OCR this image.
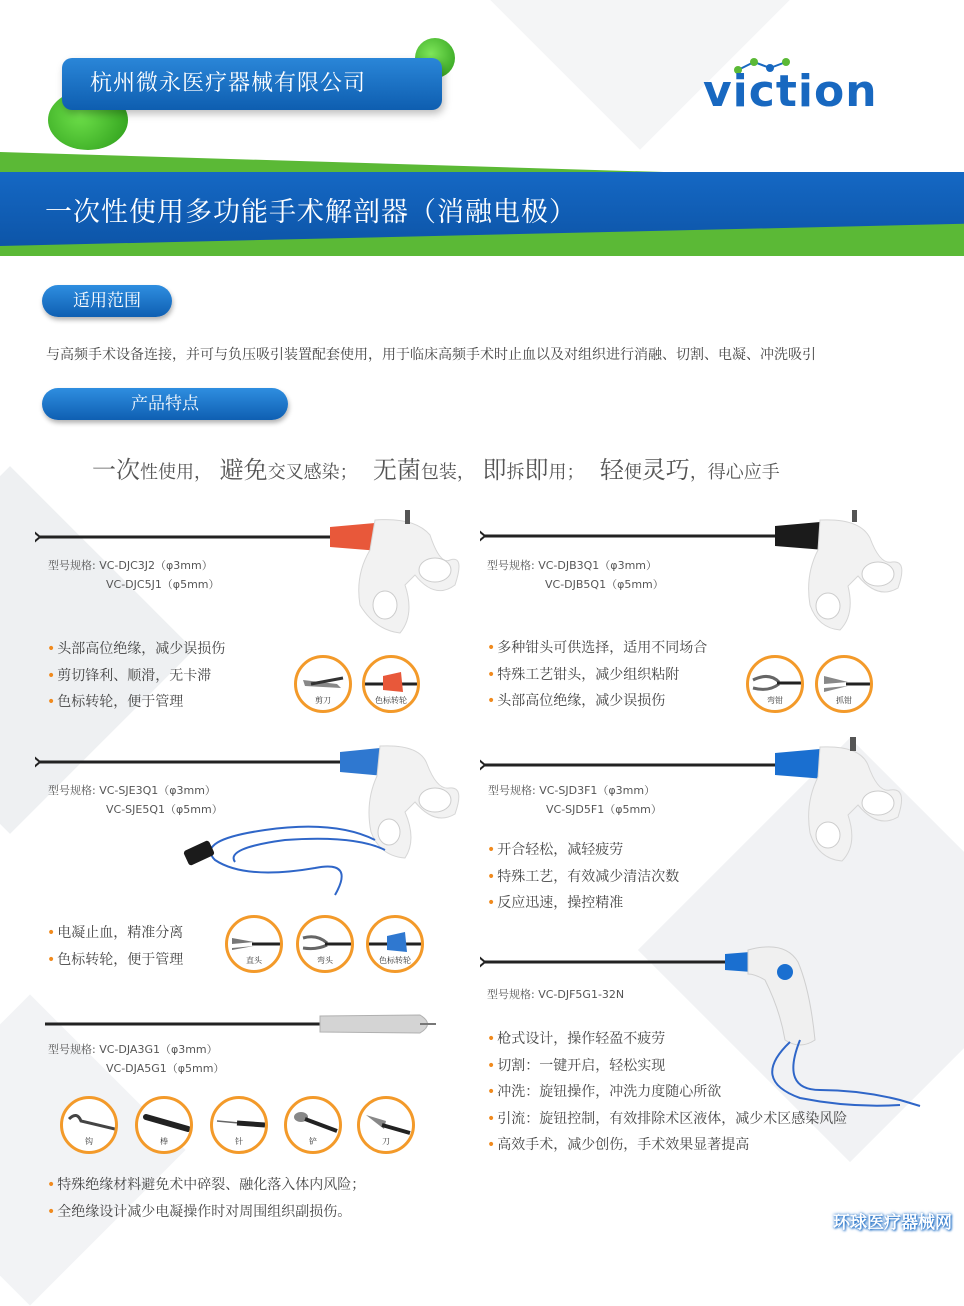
杭州微永医疗器械有限公司	viction
一次性使用多功能手术解剖器（消融电极）
适用范围
与高频手术设备连接，并可与负压吸引装置配套使用，用于临床高频手术时止血以及对组织进行消融、切割、电凝、冲洗吸引
产品特点
一次性使用， 避免交叉感染； 无菌包装， 即拆即用； 轻便灵巧，得心应手
型号规格: VC-DJC3J2（φ3mm）
VC-DJC5J1（φ5mm）
• 头部高位绝缘，减少误损伤
• 剪切锋利、顺滑，无卡滞
• 色标转轮，便于管理	剪刀	色标转轮
型号规格: VC-DJB3Q1（φ3mm）
VC-DJB5Q1（φ5mm）
• 多种钳头可供选择，适用不同场合
• 特殊工艺钳头，减少组织粘附
• 头部高位绝缘，减少误损伤	弯钳	抓钳
型号规格: VC-SJE3Q1（φ3mm）
VC-SJE5Q1（φ5mm）
• 电凝止血，精准分离
• 色标转轮，便于管理	直头	弯头	色标转轮
型号规格: VC-SJD3F1（φ3mm）
VC-SJD5F1（φ5mm）
• 开合轻松，减轻疲劳
• 特殊工艺，有效减少清洁次数
• 反应迅速，操控精准
型号规格: VC-DJA3G1（φ3mm）
VC-DJA5G1（φ5mm）
钩	棒	针	铲	刀
• 特殊绝缘材料避免术中碎裂、融化落入体内风险；
• 全绝缘设计减少电凝操作时对周围组织副损伤。
型号规格: VC-DJF5G1-32N
• 枪式设计，操作轻盈不疲劳
• 切割：一键开启，轻松实现
• 冲洗：旋钮操作，冲洗力度随心所欲
• 引流：旋钮控制，有效排除术区液体，减少术区感染风险
• 高效手术，减少创伤，手术效果显著提高
环球医疗器械网
